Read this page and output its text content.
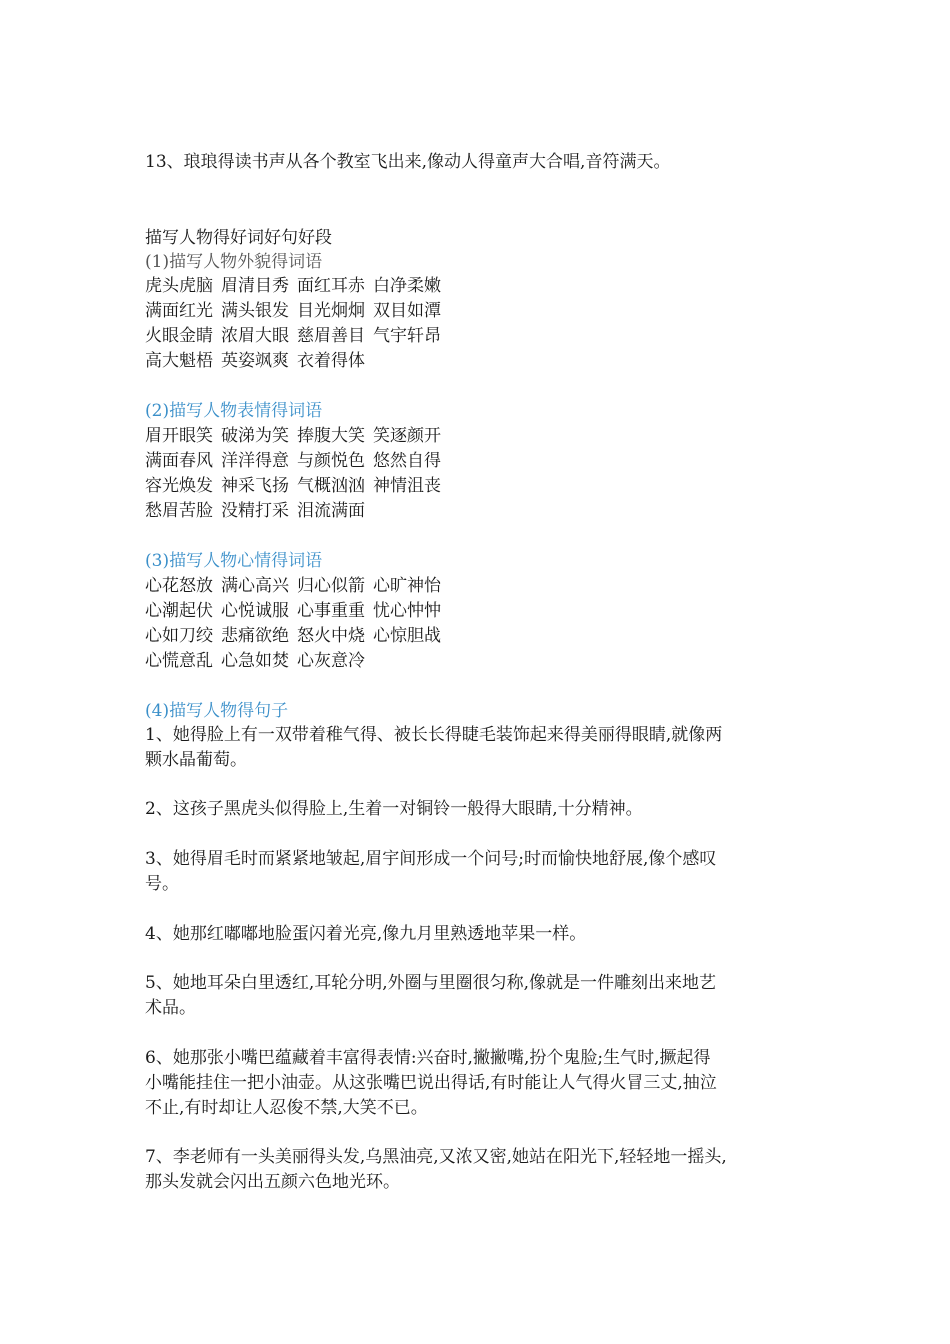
13、琅琅得读书声从各个教室飞出来,像动人得童声大合唱,音符满天。
描写人物得好词好句好段
(1)描写人物外貌得词语
虎头虎脑 眉清目秀 面红耳赤 白净柔嫩
满面红光 满头银发 目光炯炯 双目如潭
火眼金睛 浓眉大眼 慈眉善目 气宇轩昂
高大魁梧 英姿飒爽 衣着得体
(2)描写人物表情得词语
眉开眼笑 破涕为笑 捧腹大笑 笑逐颜开
满面春风 洋洋得意 与颜悦色 悠然自得
容光焕发 神采飞扬 气概汹汹 神情沮丧
愁眉苦脸 没精打采 泪流满面
(3)描写人物心情得词语
心花怒放 满心高兴 归心似箭 心旷神怡
心潮起伏 心悦诚服 心事重重 忧心忡忡
心如刀绞 悲痛欲绝 怒火中烧 心惊胆战
心慌意乱 心急如焚 心灰意冷
(4)描写人物得句子
1、她得脸上有一双带着稚气得、被长长得睫毛装饰起来得美丽得眼睛,就像两
颗水晶葡萄。
2、这孩子黑虎头似得脸上,生着一对铜铃一般得大眼睛,十分精神。
3、她得眉毛时而紧紧地皱起,眉宇间形成一个问号;时而愉快地舒展,像个感叹
号。
4、她那红嘟嘟地脸蛋闪着光亮,像九月里熟透地苹果一样。
5、她地耳朵白里透红,耳轮分明,外圈与里圈很匀称,像就是一件雕刻出来地艺
术品。
6、她那张小嘴巴蕴藏着丰富得表情:兴奋时,撇撇嘴,扮个鬼脸;生气时,撅起得
小嘴能挂住一把小油壶。从这张嘴巴说出得话,有时能让人气得火冒三丈,抽泣
不止,有时却让人忍俊不禁,大笑不已。
7、李老师有一头美丽得头发,乌黑油亮,又浓又密,她站在阳光下,轻轻地一摇头,
那头发就会闪出五颜六色地光环。
